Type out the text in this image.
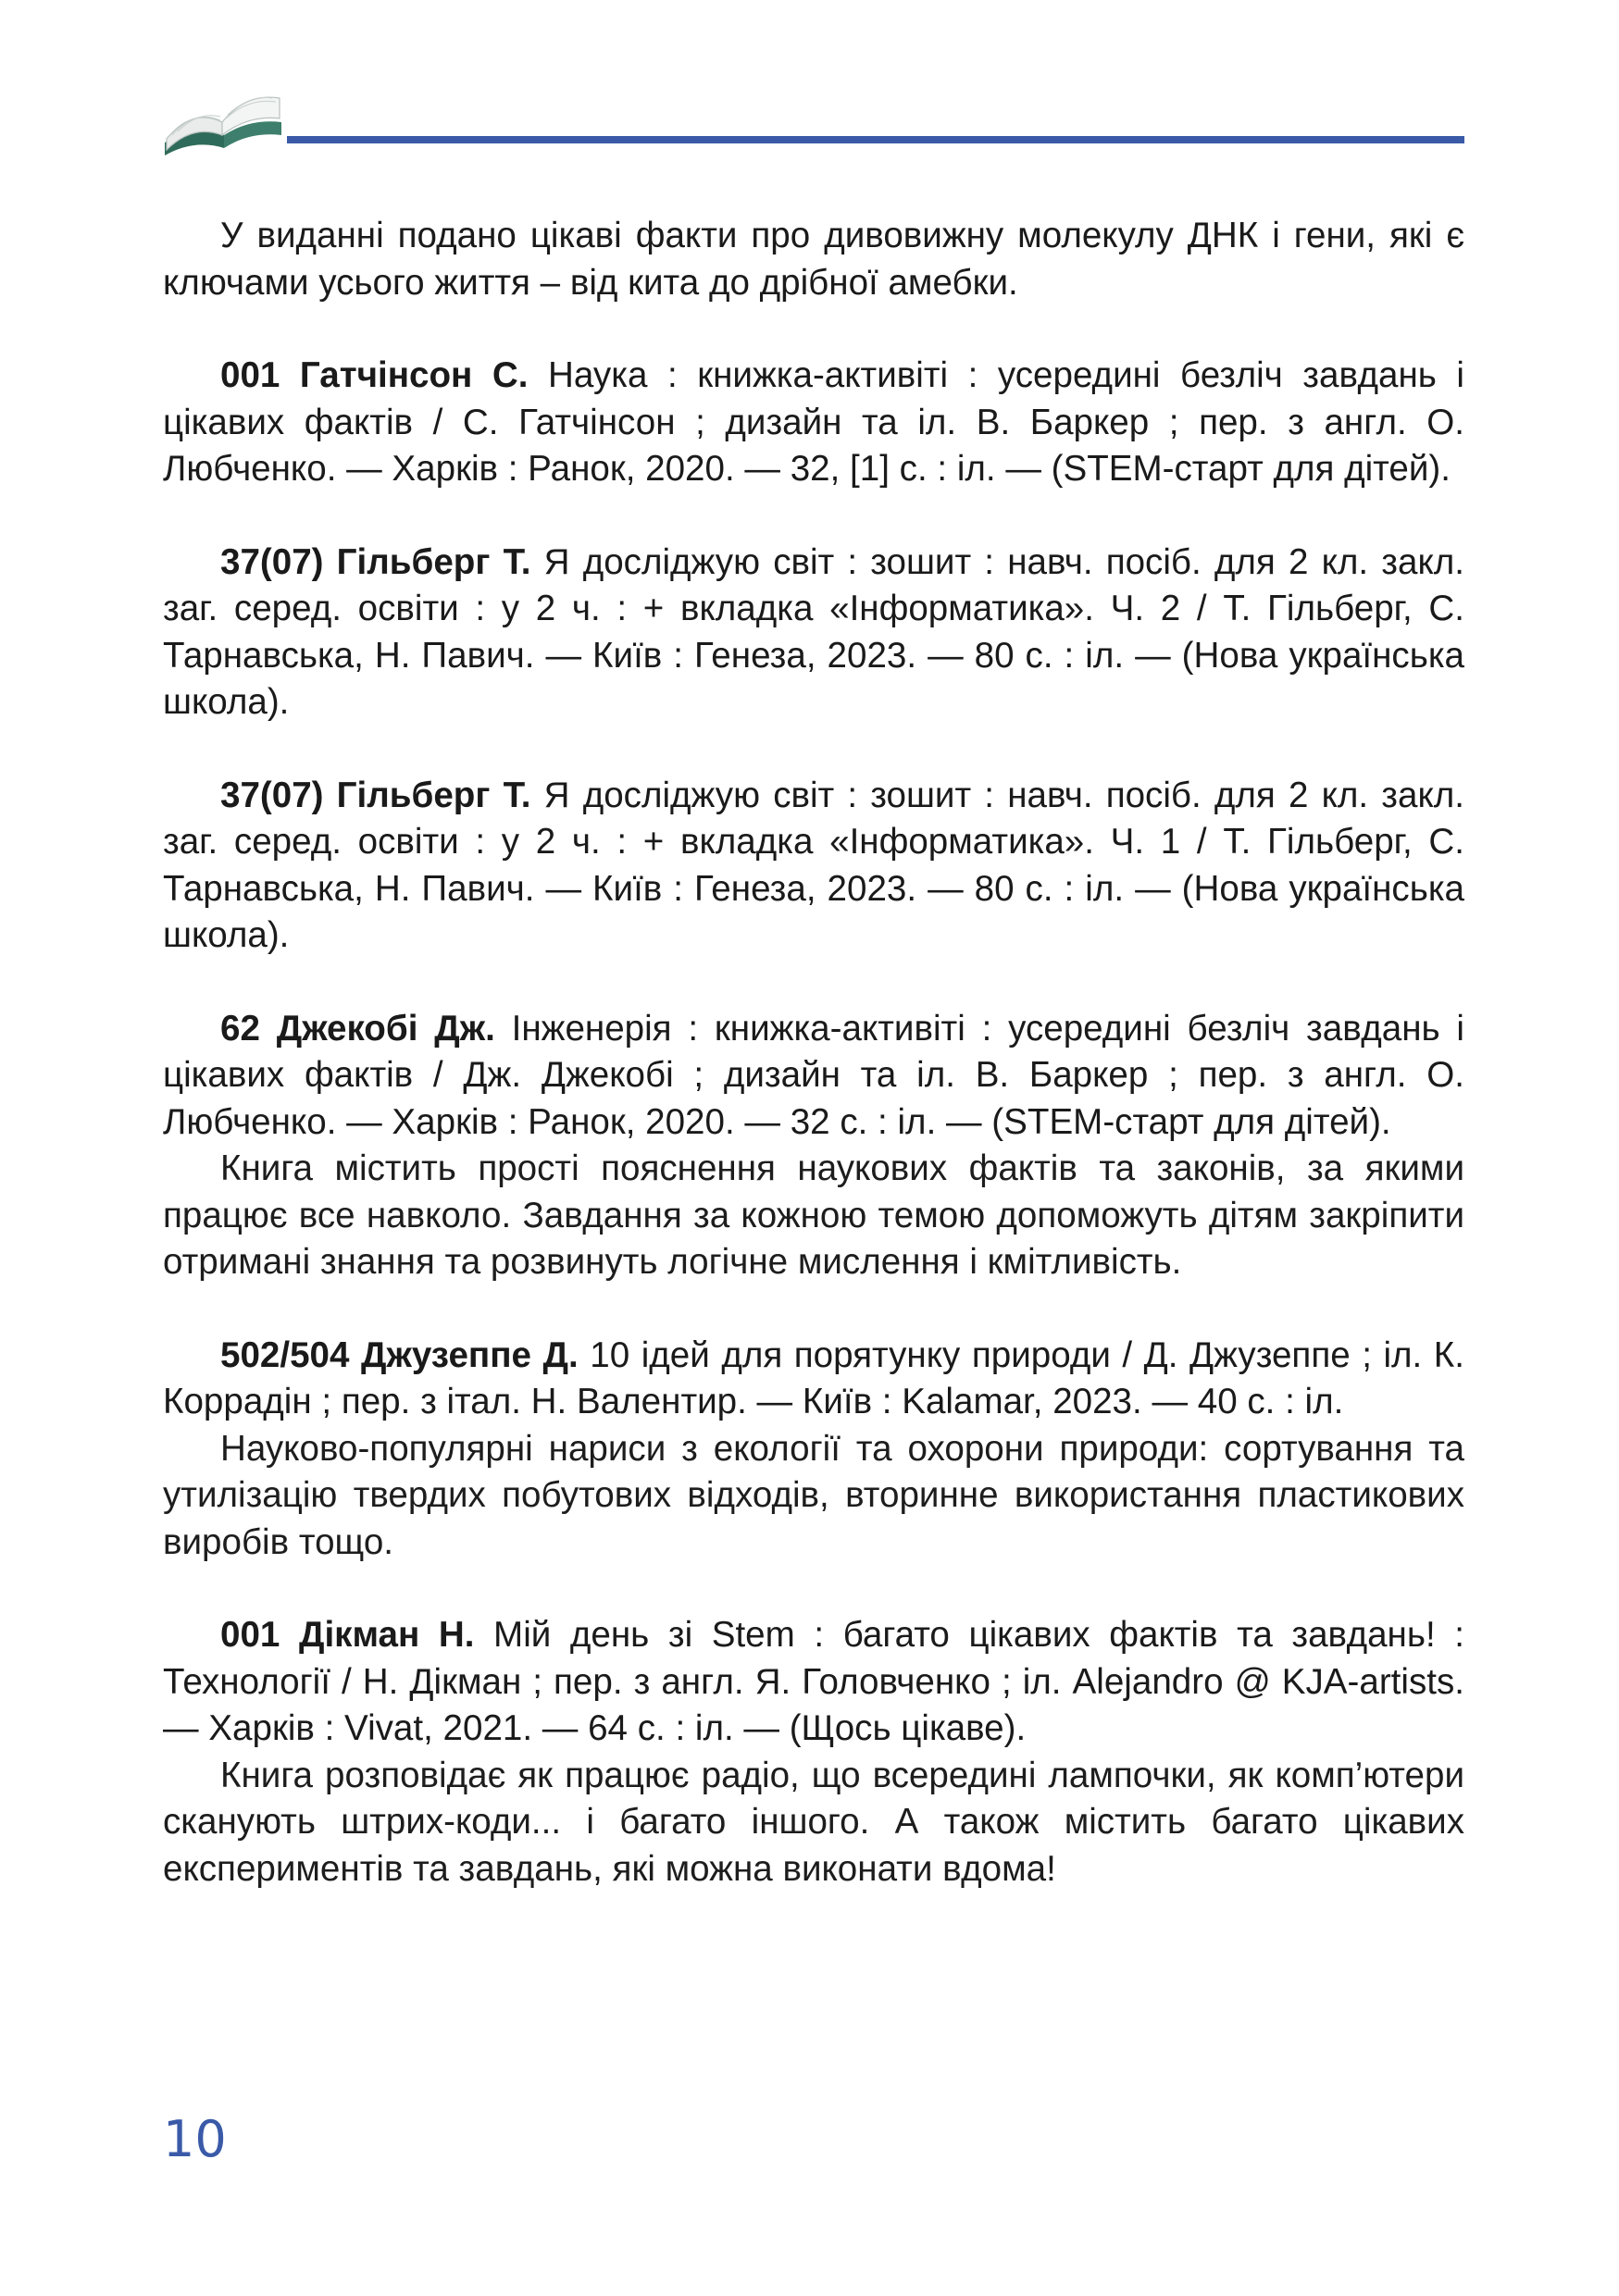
У виданні подано цікаві факти про дивовижну молекулу ДНК і гени, які є ключами усього життя – від кита до дрібної амебки.

001 Гатчінсон С. Наука : книжка-активіті : усередині безліч завдань і цікавих фактів / С. Гатчінсон ; дизайн та іл. В. Баркер ; пер. з англ. О. Любченко. — Харків : Ранок, 2020. — 32, [1] с. : іл. — (STEM-старт для дітей).

37(07) Гільберг Т. Я досліджую світ : зошит : навч. посіб. для 2 кл. закл. заг. серед. освіти : у 2 ч. : + вкладка «Інформатика». Ч. 2 / Т. Гільберг, С. Тарнавська, Н. Павич. — Київ : Генеза, 2023. — 80 с. : іл. — (Нова українська школа).

37(07) Гільберг Т. Я досліджую світ : зошит : навч. посіб. для 2 кл. закл. заг. серед. освіти : у 2 ч. : + вкладка «Інформатика». Ч. 1 / Т. Гільберг, С. Тарнавська, Н. Павич. — Київ : Генеза, 2023. — 80 с. : іл. — (Нова українська школа).

62 Джекобі Дж. Інженерія : книжка-активіті : усередині безліч завдань і цікавих фактів / Дж. Джекобі ; дизайн та іл. В. Баркер ; пер. з англ. О. Любченко. — Харків : Ранок, 2020. — 32 с. : іл. — (STEM-старт для дітей).

Книга містить прості пояснення наукових фактів та законів, за якими працює все навколо. Завдання за кожною темою допоможуть дітям закріпити отримані знання та розвинуть логічне мислення і кмітливість.

502/504 Джузеппе Д. 10 ідей для порятунку природи / Д. Джузеппе ; іл. К. Коррадін ; пер. з італ. Н. Валентир. — Київ : Kalamar, 2023. — 40 с. : іл.

Науково-популярні нариси з екології та охорони природи: сортування та утилізацію твердих побутових відходів, вторинне використання пластикових виробів тощо.

001 Дікман Н. Мій день зі Stem : багато цікавих фактів та завдань! : Технології / Н. Дікман ; пер. з англ. Я. Головченко ; іл. Alejandro @ KJA-artists. — Харків : Vivat, 2021. — 64 с. : іл. — (Щось цікаве).

Книга розповідає як працює радіо, що всередині лампочки, як комп’ютери сканують штрих-коди... і багато іншого. А також містить багато цікавих експериментів та завдань, які можна виконати вдома!

10
